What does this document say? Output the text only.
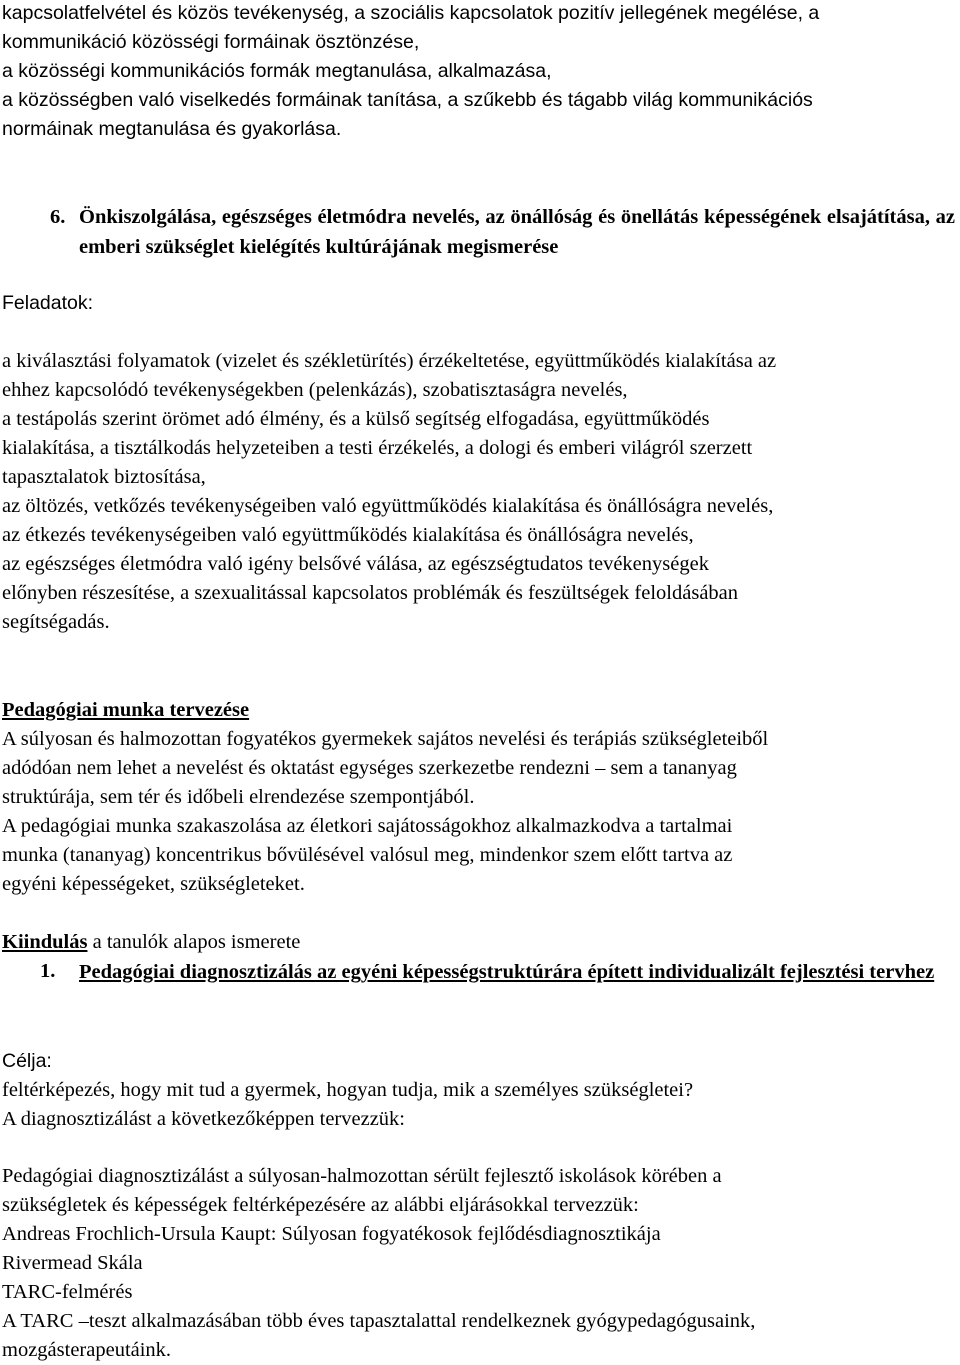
kapcsolatfelvétel és közös tevékenység, a szociális kapcsolatok pozitív jellegének megélése, a
kommunikáció közösségi formáinak ösztönzése,
a közösségi kommunikációs formák megtanulása, alkalmazása,
a közösségben való viselkedés formáinak tanítása, a szűkebb és tágabb világ kommunikációs
normáinak megtanulása és gyakorlása.
6. Önkiszolgálása, egészséges életmódra nevelés, az önállóság és önellátás képességének elsajátítása, az emberi szükséglet kielégítés kultúrájának megismerése
Feladatok:
a kiválasztási folyamatok (vizelet és székletürítés) érzékeltetése, együttműködés kialakítása az
ehhez kapcsolódó tevékenységekben (pelenkázás), szobatisztaságra nevelés,
a testápolás szerint örömet adó élmény, és a külső segítség elfogadása, együttműködés
kialakítása, a tisztálkodás helyzeteiben a testi érzékelés, a dologi és emberi világról szerzett
tapasztalatok biztosítása,
az öltözés, vetkőzés tevékenységeiben való együttműködés kialakítása és önállóságra nevelés,
az étkezés tevékenységeiben való együttműködés kialakítása és önállóságra nevelés,
az egészséges életmódra való igény belsővé válása, az egészségtudatos tevékenységek
előnyben részesítése, a szexualitással kapcsolatos problémák és feszültségek feloldásában
segítségadás.
Pedagógiai munka tervezése
A súlyosan és halmozottan fogyatékos gyermekek sajátos nevelési és terápiás szükségleteiből
adódóan nem lehet a nevelést és oktatást egységes szerkezetbe rendezni – sem a tananyag
struktúrája, sem tér és időbeli elrendezése szempontjából.
A pedagógiai munka szakaszolása az életkori sajátosságokhoz alkalmazkodva a tartalmai
munka (tananyag) koncentrikus bővülésével valósul meg, mindenkor szem előtt tartva az
egyéni képességeket, szükségleteket.
Kiindulás a tanulók alapos ismerete
1. Pedagógiai diagnosztizálás az egyéni képességstruktúrára épített individualizált fejlesztési tervhez
Célja:
feltérképezés, hogy mit tud a gyermek, hogyan tudja, mik a személyes szükségletei?
A diagnosztizálást a következőképpen tervezzük:
Pedagógiai diagnosztizálást a súlyosan-halmozottan sérült fejlesztő iskolások körében a
szükségletek és képességek feltérképezésére az alábbi eljárásokkal tervezzük:
Andreas Frochlich-Ursula Kaupt: Súlyosan fogyatékosok fejlődésdiagnosztikája
Rivermead Skála
TARC-felmérés
A TARC –teszt alkalmazásában több éves tapasztalattal rendelkeznek gyógypedagógusaink,
mozgásterapeutáink.
